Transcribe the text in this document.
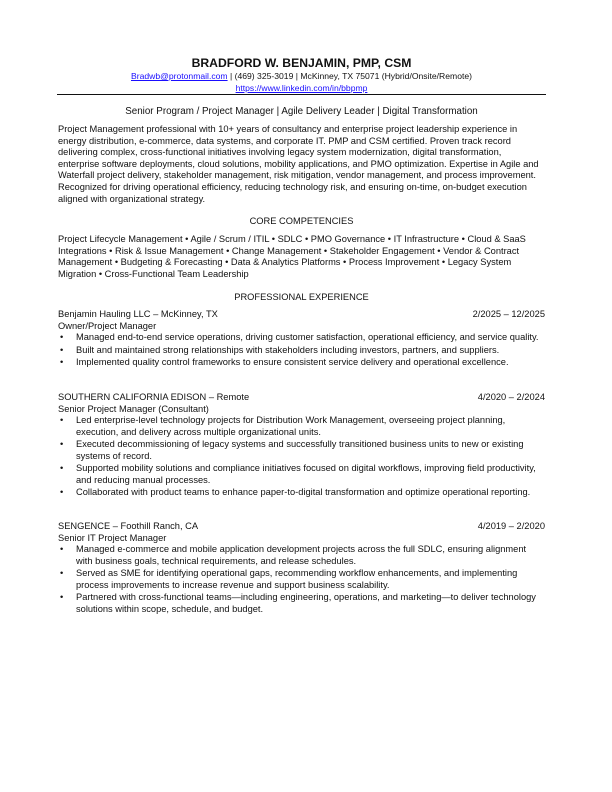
BRADFORD W. BENJAMIN, PMP, CSM
Bradwb@protonmail.com | (469) 325-3019 | McKinney, TX 75071 (Hybrid/Onsite/Remote)
https://www.linkedin.com/in/bbpmp
Senior Program / Project Manager | Agile Delivery Leader | Digital Transformation
Project Management professional with 10+ years of consultancy and enterprise project leadership experience in energy distribution, e-commerce, data systems, and corporate IT. PMP and CSM certified. Proven track record delivering complex, cross-functional initiatives involving legacy system modernization, digital transformation, enterprise software deployments, cloud solutions, mobility applications, and PMO optimization. Expertise in Agile and Waterfall project delivery, stakeholder management, risk mitigation, vendor management, and process improvement. Recognized for driving operational efficiency, reducing technology risk, and ensuring on-time, on-budget execution aligned with organizational strategy.
CORE COMPETENCIES
Project Lifecycle Management • Agile / Scrum / ITIL • SDLC • PMO Governance • IT Infrastructure • Cloud & SaaS Integrations • Risk & Issue Management • Change Management • Stakeholder Engagement • Vendor & Contract Management • Budgeting & Forecasting • Data & Analytics Platforms • Process Improvement • Legacy System Migration • Cross-Functional Team Leadership
PROFESSIONAL EXPERIENCE
Benjamin Hauling LLC – McKinney, TX	2/2025 – 12/2025
Owner/Project Manager
• Managed end-to-end service operations, driving customer satisfaction, operational efficiency, and service quality.
• Built and maintained strong relationships with stakeholders including investors, partners, and suppliers.
• Implemented quality control frameworks to ensure consistent service delivery and operational excellence.
SOUTHERN CALIFORNIA EDISON – Remote	4/2020 – 2/2024
Senior Project Manager (Consultant)
• Led enterprise-level technology projects for Distribution Work Management, overseeing project planning, execution, and delivery across multiple organizational units.
• Executed decommissioning of legacy systems and successfully transitioned business units to new or existing systems of record.
• Supported mobility solutions and compliance initiatives focused on digital workflows, improving field productivity, and reducing manual processes.
• Collaborated with product teams to enhance paper-to-digital transformation and optimize operational reporting.
SENGENCE – Foothill Ranch, CA	4/2019 – 2/2020
Senior IT Project Manager
• Managed e-commerce and mobile application development projects across the full SDLC, ensuring alignment with business goals, technical requirements, and release schedules.
• Served as SME for identifying operational gaps, recommending workflow enhancements, and implementing process improvements to increase revenue and support business scalability.
• Partnered with cross-functional teams—including engineering, operations, and marketing—to deliver technology solutions within scope, schedule, and budget.
